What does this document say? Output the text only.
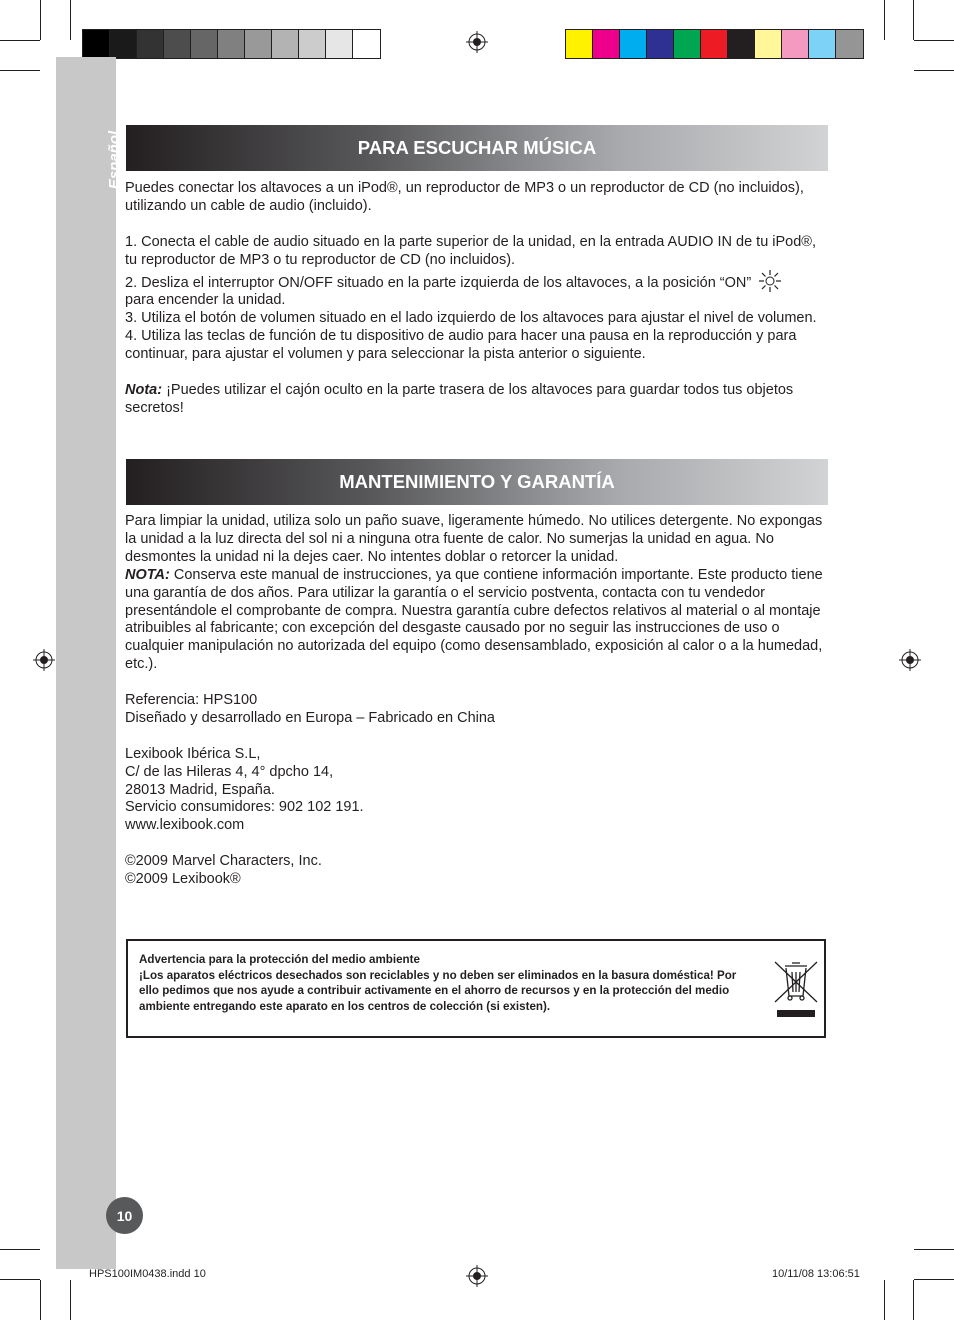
Español	PARA ESCUCHAR MÚSICA

Puedes conectar los altavoces a un iPod®, un reproductor de MP3 o un reproductor de CD (no incluidos), utilizando un cable de audio (incluido).

1. Conecta el cable de audio situado en la parte superior de la unidad, en la entrada AUDIO IN de tu iPod®, tu reproductor de MP3 o tu reproductor de CD (no incluidos).

2. Desliza el interruptor ON/OFF situado en la parte izquierda de los altavoces, a la posición “ON”
para encender la unidad.

3. Utiliza el botón de volumen situado en el lado izquierdo de los altavoces para ajustar el nivel de volumen.

4. Utiliza las teclas de función de tu dispositivo de audio para hacer una pausa en la reproducción y para continuar, para ajustar el volumen y para seleccionar la pista anterior o siguiente.

Nota: ¡Puedes utilizar el cajón oculto en la parte trasera de los altavoces para guardar todos tus objetos secretos!

MANTENIMIENTO Y GARANTÍA

Para limpiar la unidad, utiliza solo un paño suave, ligeramente húmedo. No utilices detergente. No expongas la unidad a la luz directa del sol ni a ninguna otra fuente de calor. No sumerjas la unidad en agua. No desmontes la unidad ni la dejes caer. No intentes doblar o retorcer la unidad.

NOTA: Conserva este manual de instrucciones, ya que contiene información importante. Este producto tiene una garantía de dos años. Para utilizar la garantía o el servicio postventa, contacta con tu vendedor presentándole el comprobante de compra. Nuestra garantía cubre defectos relativos al material o al montaje atribuibles al fabricante; con excepción del desgaste causado por no seguir las instrucciones de uso o cualquier manipulación no autorizada del equipo (como desensamblado, exposición al calor o a la humedad, etc.).

Referencia: HPS100

Diseñado y desarrollado en Europa – Fabricado en China

Lexibook Ibérica S.L,

C/ de las Hileras 4, 4° dpcho 14,

28013 Madrid, España.

Servicio consumidores: 902 102 191.

www.lexibook.com

©2009 Marvel Characters, Inc.

©2009 Lexibook®

Advertencia para la protección del medio ambiente

¡Los aparatos eléctricos desechados son reciclables y no deben ser eliminados en la basura doméstica! Por ello pedimos que nos ayude a contribuir activamente en el ahorro de recursos y en la protección del medio ambiente entregando este aparato en los centros de colección (si existen).

10
HPS100IM0438.indd 10	10/11/08 13:06:51
